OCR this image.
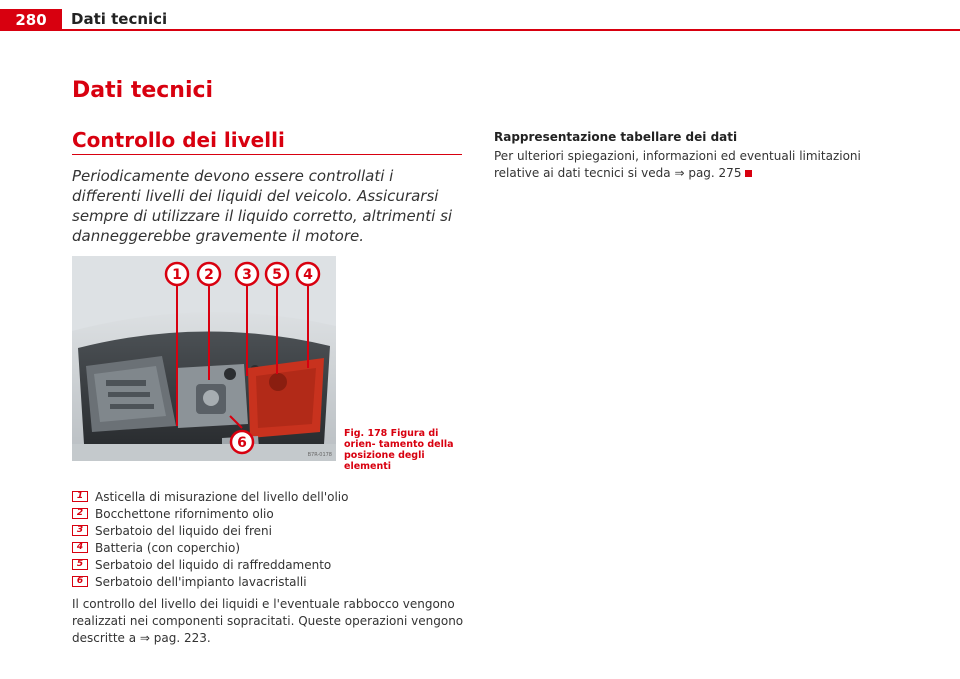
280	Dati tecnici
Dati tecnici
Controllo dei livelli
Periodicamente devono essere controllati i differenti livelli dei liquidi del veicolo. Assicurarsi sempre di utilizzare il liquido corretto, altrimenti si danneggerebbe gravemente il motore.
1 2 3 5 4
6
B7R-0178
Fig. 178 Figura di orien- tamento della posizione degli elementi
1 Asticella di misurazione del livello dell'olio
2 Bocchettone rifornimento olio
3 Serbatoio del liquido dei freni
4 Batteria (con coperchio)
5 Serbatoio del liquido di raffreddamento
6 Serbatoio dell'impianto lavacristalli
Il controllo del livello dei liquidi e l'eventuale rabbocco vengono realizzati nei componenti sopracitati. Queste operazioni vengono descritte a ⇒ pag. 223.
Rappresentazione tabellare dei dati
Per ulteriori spiegazioni, informazioni ed eventuali limitazioni relative ai dati tecnici si veda ⇒ pag. 275
